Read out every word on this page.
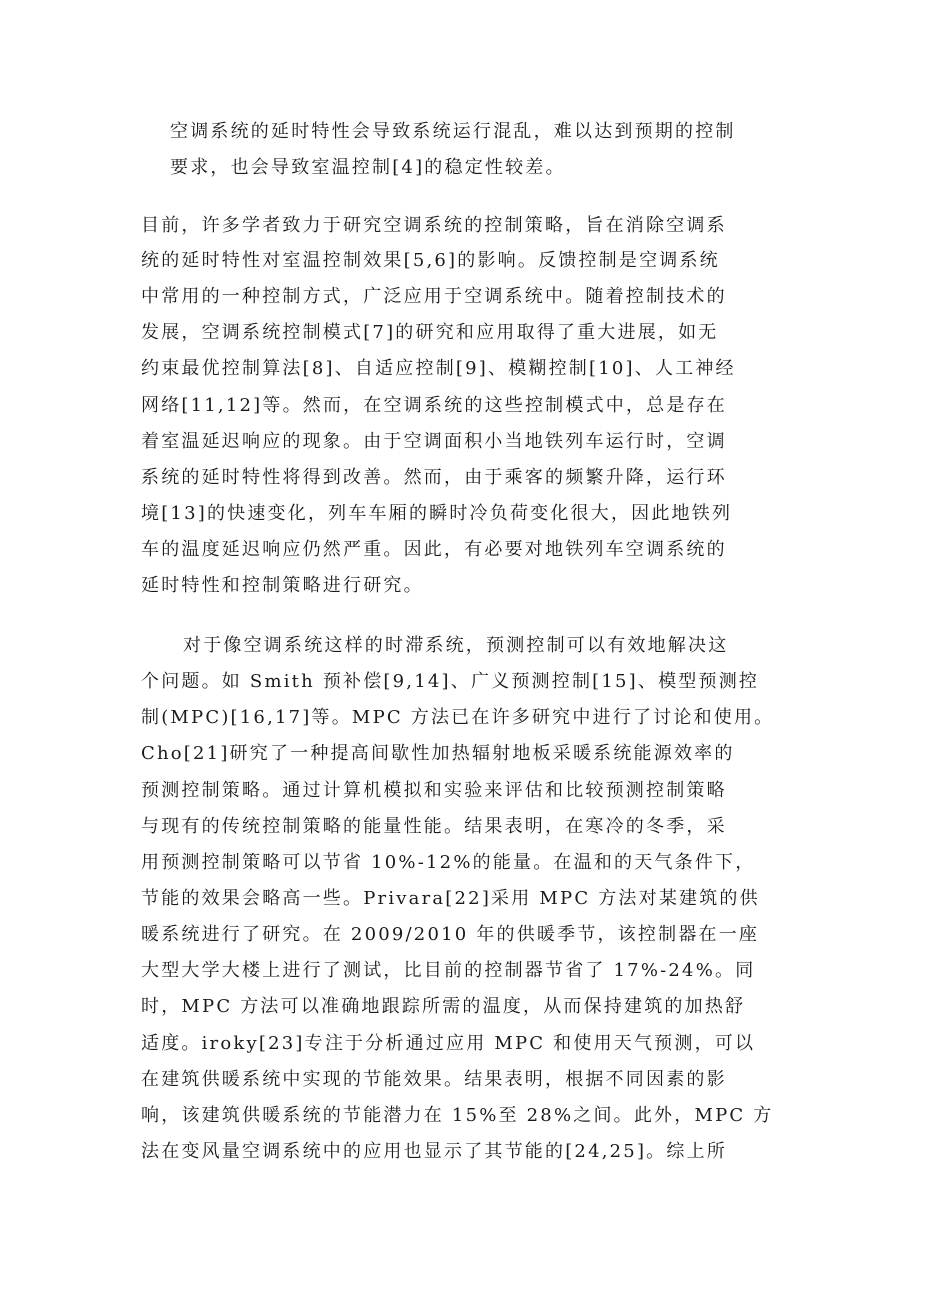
空调系统的延时特性会导致系统运行混乱，难以达到预期的控制
要求，也会导致室温控制[4]的稳定性较差。
目前，许多学者致力于研究空调系统的控制策略，旨在消除空调系
统的延时特性对室温控制效果[5,6]的影响。反馈控制是空调系统
中常用的一种控制方式，广泛应用于空调系统中。随着控制技术的
发展，空调系统控制模式[7]的研究和应用取得了重大进展，如无
约束最优控制算法[8]、自适应控制[9]、模糊控制[10]、人工神经
网络[11,12]等。然而，在空调系统的这些控制模式中，总是存在
着室温延迟响应的现象。由于空调面积小当地铁列车运行时，空调
系统的延时特性将得到改善。然而，由于乘客的频繁升降，运行环
境[13]的快速变化，列车车厢的瞬时冷负荷变化很大，因此地铁列
车的温度延迟响应仍然严重。因此，有必要对地铁列车空调系统的
延时特性和控制策略进行研究。
对于像空调系统这样的时滞系统，预测控制可以有效地解决这
个问题。如 Smith 预补偿[9,14]、广义预测控制[15]、模型预测控
制(MPC)[16,17]等。MPC 方法已在许多研究中进行了讨论和使用。
Cho[21]研究了一种提高间歇性加热辐射地板采暖系统能源效率的
预测控制策略。通过计算机模拟和实验来评估和比较预测控制策略
与现有的传统控制策略的能量性能。结果表明，在寒冷的冬季，采
用预测控制策略可以节省 10%-12%的能量。在温和的天气条件下，
节能的效果会略高一些。Privara[22]采用 MPC 方法对某建筑的供
暖系统进行了研究。在 2009/2010 年的供暖季节，该控制器在一座
大型大学大楼上进行了测试，比目前的控制器节省了 17%-24%。同
时，MPC 方法可以准确地跟踪所需的温度，从而保持建筑的加热舒
适度。iroky[23]专注于分析通过应用 MPC 和使用天气预测，可以
在建筑供暖系统中实现的节能效果。结果表明，根据不同因素的影
响，该建筑供暖系统的节能潜力在 15%至 28%之间。此外，MPC 方
法在变风量空调系统中的应用也显示了其节能的[24,25]。综上所
